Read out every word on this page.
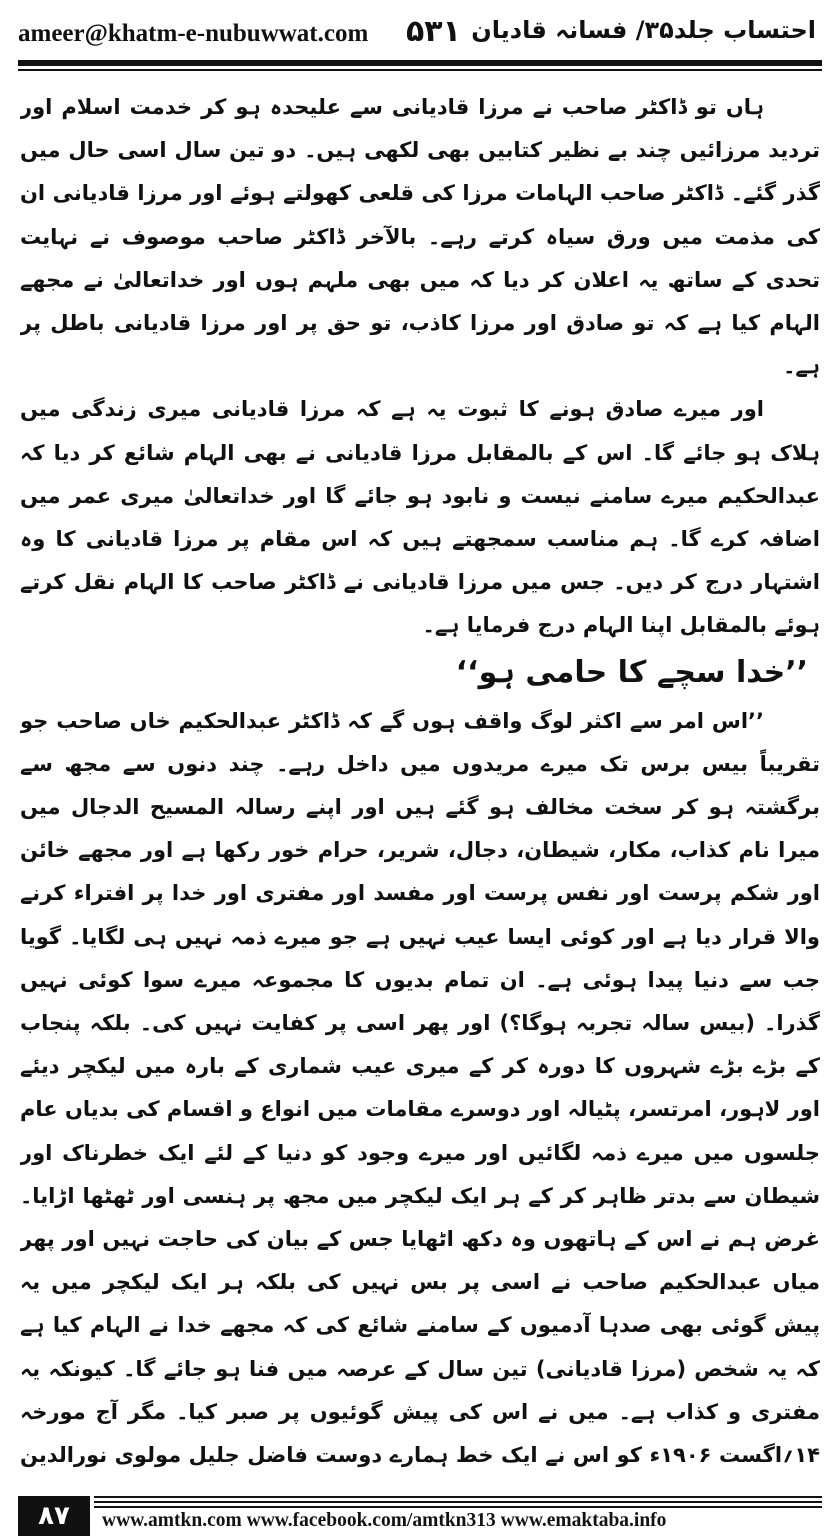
ameer@khatm-e-nubuwwat.com ۵۳۱ احتساب جلد۳۵/ فسانہ قادیان

ہاں تو ڈاکٹر صاحب نے مرزا قادیانی سے علیحدہ ہو کر خدمت اسلام اور تردید مرزائیں چند بے نظیر کتابیں بھی لکھی ہیں۔ دو تین سال اسی حال میں گذر گئے۔ ڈاکٹر صاحب الہامات مرزا کی قلعی کھولتے ہوئے اور مرزا قادیانی ان کی مذمت میں ورق سیاہ کرتے رہے۔ بالآخر ڈاکٹر صاحب موصوف نے نہایت تحدی کے ساتھ یہ اعلان کر دیا کہ میں بھی ملہم ہوں اور خداتعالیٰ نے مجھے الہام کیا ہے کہ تو صادق اور مرزا کاذب، تو حق پر اور مرزا قادیانی باطل پر ہے۔

اور میرے صادق ہونے کا ثبوت یہ ہے کہ مرزا قادیانی میری زندگی میں ہلاک ہو جائے گا۔ اس کے بالمقابل مرزا قادیانی نے بھی الہام شائع کر دیا کہ عبدالحکیم میرے سامنے نیست و نابود ہو جائے گا اور خداتعالیٰ میری عمر میں اضافہ کرے گا۔ ہم مناسب سمجھتے ہیں کہ اس مقام پر مرزا قادیانی کا وہ اشتہار درج کر دیں۔ جس میں مرزا قادیانی نے ڈاکٹر صاحب کا الہام نقل کرتے ہوئے بالمقابل اپنا الہام درج فرمایا ہے۔

’’خدا سچے کا حامی ہو‘‘

’’اس امر سے اکثر لوگ واقف ہوں گے کہ ڈاکٹر عبدالحکیم خاں صاحب جو تقریباً بیس برس تک میرے مریدوں میں داخل رہے۔ چند دنوں سے مجھ سے برگشتہ ہو کر سخت مخالف ہو گئے ہیں اور اپنے رسالہ المسیح الدجال میں میرا نام کذاب، مکار، شیطان، دجال، شریر، حرام خور رکھا ہے اور مجھے خائن اور شکم پرست اور نفس پرست اور مفسد اور مفتری اور خدا پر افتراء کرنے والا قرار دیا ہے اور کوئی ایسا عیب نہیں ہے جو میرے ذمہ نہیں ہی لگایا۔ گویا جب سے دنیا پیدا ہوئی ہے۔ ان تمام بدیوں کا مجموعہ میرے سوا کوئی نہیں گذرا۔ (بیس سالہ تجربہ ہوگا؟) اور پھر اسی پر کفایت نہیں کی۔ بلکہ پنجاب کے بڑے بڑے شہروں کا دورہ کر کے میری عیب شماری کے بارہ میں لیکچر دیئے اور لاہور، امرتسر، پٹیالہ اور دوسرے مقامات میں انواع و اقسام کی بدیاں عام جلسوں میں میرے ذمہ لگائیں اور میرے وجود کو دنیا کے لئے ایک خطرناک اور شیطان سے بدتر ظاہر کر کے ہر ایک لیکچر میں مجھ پر ہنسی اور ٹھٹھا اڑایا۔ غرض ہم نے اس کے ہاتھوں وہ دکھ اٹھایا جس کے بیان کی حاجت نہیں اور پھر میاں عبدالحکیم صاحب نے اسی پر بس نہیں کی بلکہ ہر ایک لیکچر میں یہ پیش گوئی بھی صدہا آدمیوں کے سامنے شائع کی کہ مجھے خدا نے الہام کیا ہے کہ یہ شخص (مرزا قادیانی) تین سال کے عرصہ میں فنا ہو جائے گا۔ کیونکہ یہ مفتری و کذاب ہے۔ میں نے اس کی پیش گوئیوں پر صبر کیا۔ مگر آج مورخہ ۱۴؍اگست ۱۹۰۶ء کو اس نے ایک خط ہمارے دوست فاضل جلیل مولوی نورالدین

۸۷	www.amtkn.com www.facebook.com/amtkn313 www.emaktaba.info
